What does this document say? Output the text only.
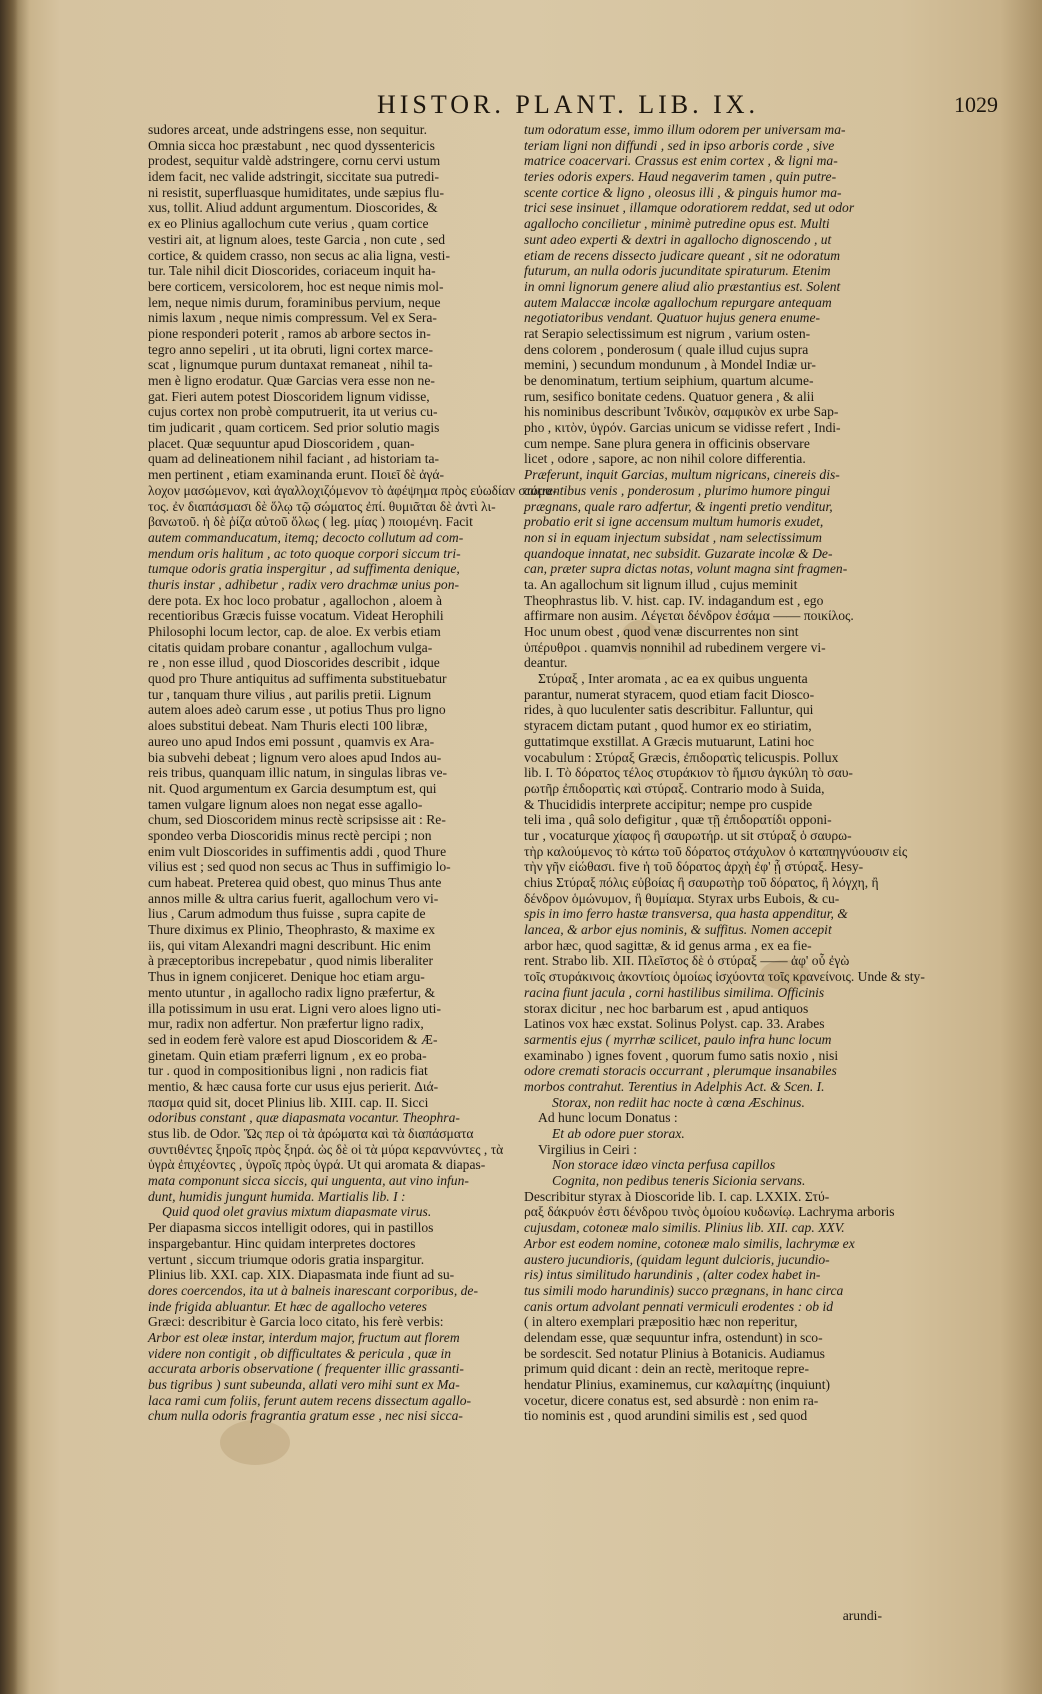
HISTOR. PLANT. LIB. IX.	1029
sudores arceat, unde adstringens esse, non sequitur.
Omnia sicca hoc præstabunt , nec quod dyssentericis
prodest, sequitur valdè adstringere, cornu cervi ustum
idem facit, nec valide adstringit, siccitate sua putredi-
ni resistit, superfluasque humiditates, unde sæpius flu-
xus, tollit. Aliud addunt argumentum. Dioscorides, &
ex eo Plinius agallochum cute verius , quam cortice
vestiri ait, at lignum aloes, teste Garcia , non cute , sed
cortice, & quidem crasso, non secus ac alia ligna, vesti-
tur. Tale nihil dicit Dioscorides, coriaceum inquit ha-
bere corticem, versicolorem, hoc est neque nimis mol-
lem, neque nimis durum, foraminibus pervium, neque
nimis laxum , neque nimis compressum. Vel ex Sera-
pione responderi poterit , ramos ab arbore sectos in-
tegro anno sepeliri , ut ita obruti, ligni cortex marce-
scat , lignumque purum duntaxat remaneat , nihil ta-
men è ligno erodatur. Quæ Garcias vera esse non ne-
gat. Fieri autem potest Dioscoridem lignum vidisse,
cujus cortex non probè computruerit, ita ut verius cu-
tim judicarit , quam corticem. Sed prior solutio magis
placet. Quæ sequuntur apud Dioscoridem , quan-
quam ad delineationem nihil faciant , ad historiam ta-
men pertinent , etiam examinanda erunt. Ποιεῖ δὲ ἀγά-
λοχον μασώμενον, καὶ ἀγαλλοχιζόμενον τὸ ἀφέψημα πρὸς εὐωδίαν στόμα-
τος. ἐν διαπάσμασι δὲ ὅλῳ τῷ σώματος ἐπί. θυμιᾶται δὲ ἀντὶ λι-
βανωτοῦ. ἡ δὲ ῥίζα αὐτοῦ ὅλως ( leg. μίας ) ποιομένη. Facit
autem commanducatum, itemq; decocto collutum ad com-
mendum oris halitum , ac toto quoque corpori siccum tri-
tumque odoris gratia inspergitur , ad suffimenta denique,
thuris instar , adhibetur , radix vero drachmæ unius pon-
dere pota. Ex hoc loco probatur , agallochon , aloem à
recentioribus Græcis fuisse vocatum. Videat Herophili
Philosophi locum lector, cap. de aloe. Ex verbis etiam
citatis quidam probare conantur , agallochum vulga-
re , non esse illud , quod Dioscorides describit , idque
quod pro Thure antiquitus ad suffimenta substituebatur
tur , tanquam thure vilius , aut parilis pretii. Lignum
autem aloes adeò carum esse , ut potius Thus pro ligno
aloes substitui debeat. Nam Thuris electi 100 libræ,
aureo uno apud Indos emi possunt , quamvis ex Ara-
bia subvehi debeat ; lignum vero aloes apud Indos au-
reis tribus, quanquam illic natum, in singulas libras ve-
nit. Quod argumentum ex Garcia desumptum est, qui
tamen vulgare lignum aloes non negat esse agallo-
chum, sed Dioscoridem minus rectè scripsisse ait : Re-
spondeo verba Dioscoridis minus rectè percipi ; non
enim vult Dioscorides in suffimentis addi , quod Thure
vilius est ; sed quod non secus ac Thus in suffimigio lo-
cum habeat. Preterea quid obest, quo minus Thus ante
annos mille & ultra carius fuerit, agallochum vero vi-
lius , Carum admodum thus fuisse , supra capite de
Thure diximus ex Plinio, Theophrasto, & maxime ex
iis, qui vitam Alexandri magni describunt. Hic enim
à præceptoribus increpebatur , quod nimis liberaliter
Thus in ignem conjiceret. Denique hoc etiam argu-
mento utuntur , in agallocho radix ligno præfertur, &
illa potissimum in usu erat. Ligni vero aloes ligno uti-
mur, radix non adfertur. Non præfertur ligno radix,
sed in eodem ferè valore est apud Dioscoridem & Æ-
ginetam. Quin etiam præferri lignum , ex eo proba-
tur . quod in compositionibus ligni , non radicis fiat
mentio, & hæc causa forte cur usus ejus perierit. Διά-
πασμα quid sit, docet Plinius lib. XIII. cap. II. Sicci
odoribus constant , quæ diapasmata vocantur. Theophra-
stus lib. de Odor. Ὥς περ οἱ τὰ ἀρώματα καὶ τὰ διαπάσματα
συντιθέντες ξηροῖς πρὸς ξηρά. ὡς δὲ οἱ τὰ μύρα κεραννύντες , τὰ
ὑγρὰ ἐπιχέοντες , ὑγροῖς πρὸς ὑγρά. Ut qui aromata & diapas-
mata componunt sicca siccis, qui unguenta, aut vino infun-
dunt, humidis jungunt humida. Martialis lib. I :
Quid quod olet gravius mixtum diapasmate virus.
Per diapasma siccos intelligit odores, qui in pastillos
inspargebantur. Hinc quidam interpretes doctores
vertunt , siccum triumque odoris gratia inspargitur.
Plinius lib. XXI. cap. XIX. Diapasmata inde fiunt ad su-
dores coercendos, ita ut à balneis inarescant corporibus, de-
inde frigida abluantur. Et hæc de agallocho veteres
Græci: describitur è Garcia loco citato, his ferè verbis:
Arbor est oleæ instar, interdum major, fructum aut florem
videre non contigit , ob difficultates & pericula , quæ in
accurata arboris observatione ( frequenter illic grassanti-
bus tigribus ) sunt subeunda, allati vero mihi sunt ex Ma-
laca rami cum foliis, ferunt autem recens dissectum agallo-
chum nulla odoris fragrantia gratum esse , nec nisi sicca-
tum odoratum esse, immo illum odorem per universam ma-
teriam ligni non diffundi , sed in ipso arboris corde , sive
matrice coacervari. Crassus est enim cortex , & ligni ma-
teries odoris expers. Haud negaverim tamen , quin putre-
scente cortice & ligno , oleosus illi , & pinguis humor ma-
trici sese insinuet , illamque odoratiorem reddat, sed ut odor
agallocho concilietur , minimè putredine opus est. Multi
sunt adeo experti & dextri in agallocho dignoscendo , ut
etiam de recens dissecto judicare queant , sit ne odoratum
futurum, an nulla odoris jucunditate spiraturum. Etenim
in omni lignorum genere aliud alio præstantius est. Solent
autem Malaccæ incolæ agallochum repurgare antequam
negotiatoribus vendant. Quatuor hujus genera enume-
rat Serapio selectissimum est nigrum , varium osten-
dens colorem , ponderosum ( quale illud cujus supra
memini, ) secundum mondunum , à Mondel Indiæ ur-
be denominatum, tertium seiphium, quartum alcume-
rum, sesifico bonitate cedens. Quatuor genera , & alii
his nominibus describunt Ἰνδικὸν, σαμφικὸν ex urbe Sap-
pho , κιτὸν, ὑγρόν. Garcias unicum se vidisse refert , Indi-
cum nempe. Sane plura genera in officinis observare
licet , odore , sapore, ac non nihil colore differentia.
Præferunt, inquit Garcias, multum nigricans, cinereis dis-
currentibus venis , ponderosum , plurimo humore pingui
prægnans, quale raro adfertur, & ingenti pretio venditur,
probatio erit si igne accensum multum humoris exudet,
non si in equam injectum subsidat , nam selectissimum
quandoque innatat, nec subsidit. Guzarate incolæ & De-
can, præter supra dictas notas, volunt magna sint fragmen-
ta. An agallochum sit lignum illud , cujus meminit
Theophrastus lib. V. hist. cap. IV. indagandum est , ego
affirmare non ausim. Λέγεται δένδρον ἐσάμα —— ποικίλος.
Hoc unum obest , quod venæ discurrentes non sint
ὑπέρυθροι . quamvis nonnihil ad rubedinem vergere vi-
deantur.
Στύραξ , Inter aromata , ac ea ex quibus unguenta
parantur, numerat styracem, quod etiam facit Diosco-
rides, à quo luculenter satis describitur. Falluntur, qui
styracem dictam putant , quod humor ex eo stiriatim,
guttatimque exstillat. A Græcis mutuarunt, Latini hoc
vocabulum : Στύραξ Græcis, ἐπιδορατὶς telicuspis. Pollux
lib. I. Τὸ δόρατος τέλος στυράκιον τὸ ἥμισυ ἀγκύλη τὸ σαυ-
ρωτῆρ ἐπιδορατὶς καὶ στύραξ. Contrario modo à Suida,
& Thucididis interprete accipitur; nempe pro cuspide
teli ima , quâ solo defigitur , quæ τῇ ἐπιδορατίδι opponi-
tur , vocaturque χίαφος ἢ σαυρωτήρ. ut sit στύραξ ὁ σαυρω-
τὴρ καλούμενος τὸ κάτω τοῦ δόρατος στάχυλον ὁ καταπηγνύουσιν εἰς
τὴν γῆν εἰώθασι. five ἡ τοῦ δόρατος ἀρχὴ ἐφ' ᾗ στύραξ. Hesy-
chius Στύραξ πόλις εὐβοίας ἢ σαυρωτὴρ τοῦ δόρατος, ἢ λόγχη, ἢ
δένδρον ὁμώνυμον, ἢ θυμίαμα. Styrax urbs Eubois, & cu-
spis in imo ferro hastæ transversa, qua hasta appenditur, &
lancea, & arbor ejus nominis, & suffitus. Nomen accepit
arbor hæc, quod sagittæ, & id genus arma , ex ea fie-
rent. Strabo lib. XII. Πλεῖστος δὲ ὁ στύραξ —— ἀφ' οὗ ἐγὼ
τοῖς στυράκινοις ἀκοντίοις ὁμοίως ἰσχύοντα τοῖς κρανείνοις. Unde & sty-
racina fiunt jacula , corni hastilibus similima. Officinis
storax dicitur , nec hoc barbarum est , apud antiquos
Latinos vox hæc exstat. Solinus Polyst. cap. 33. Arabes
sarmentis ejus ( myrrhæ scilicet, paulo infra hunc locum
examinabo ) ignes fovent , quorum fumo satis noxio , nisi
odore cremati storacis occurrant , plerumque insanabiles
morbos contrahut. Terentius in Adelphis Act. & Scen. I.
Storax, non rediit hac nocte à cœna Æschinus.
Ad hunc locum Donatus :
Et ab odore puer storax.
Virgilius in Ceiri :
Non storace idæo vincta perfusa capillos
Cognita, non pedibus teneris Sicionia servans.
Describitur styrax à Dioscoride lib. I. cap. LXXIX. Στύ-
ραξ δάκρυόν ἐστι δένδρου τινὸς ὁμοίου κυδωνίῳ. Lachryma arboris
cujusdam, cotoneæ malo similis. Plinius lib. XII. cap. XXV.
Arbor est eodem nomine, cotoneæ malo similis, lachrymæ ex
austero jucundioris, (quidam legunt dulcioris, jucundio-
ris) intus similitudo harundinis , (alter codex habet in-
tus simili modo harundinis) succo prægnans, in hanc circa
canis ortum advolant pennati vermiculi erodentes : ob id
( in altero exemplari præpositio hæc non reperitur,
delendam esse, quæ sequuntur infra, ostendunt) in sco-
be sordescit. Sed notatur Plinius à Botanicis. Audiamus
primum quid dicant : dein an rectè, meritoque repre-
hendatur Plinius, examinemus, cur καλαμίτης (inquiunt)
vocetur, dicere conatus est, sed absurdè : non enim ra-
tio nominis est , quod arundini similis est , sed quod
arundi-
